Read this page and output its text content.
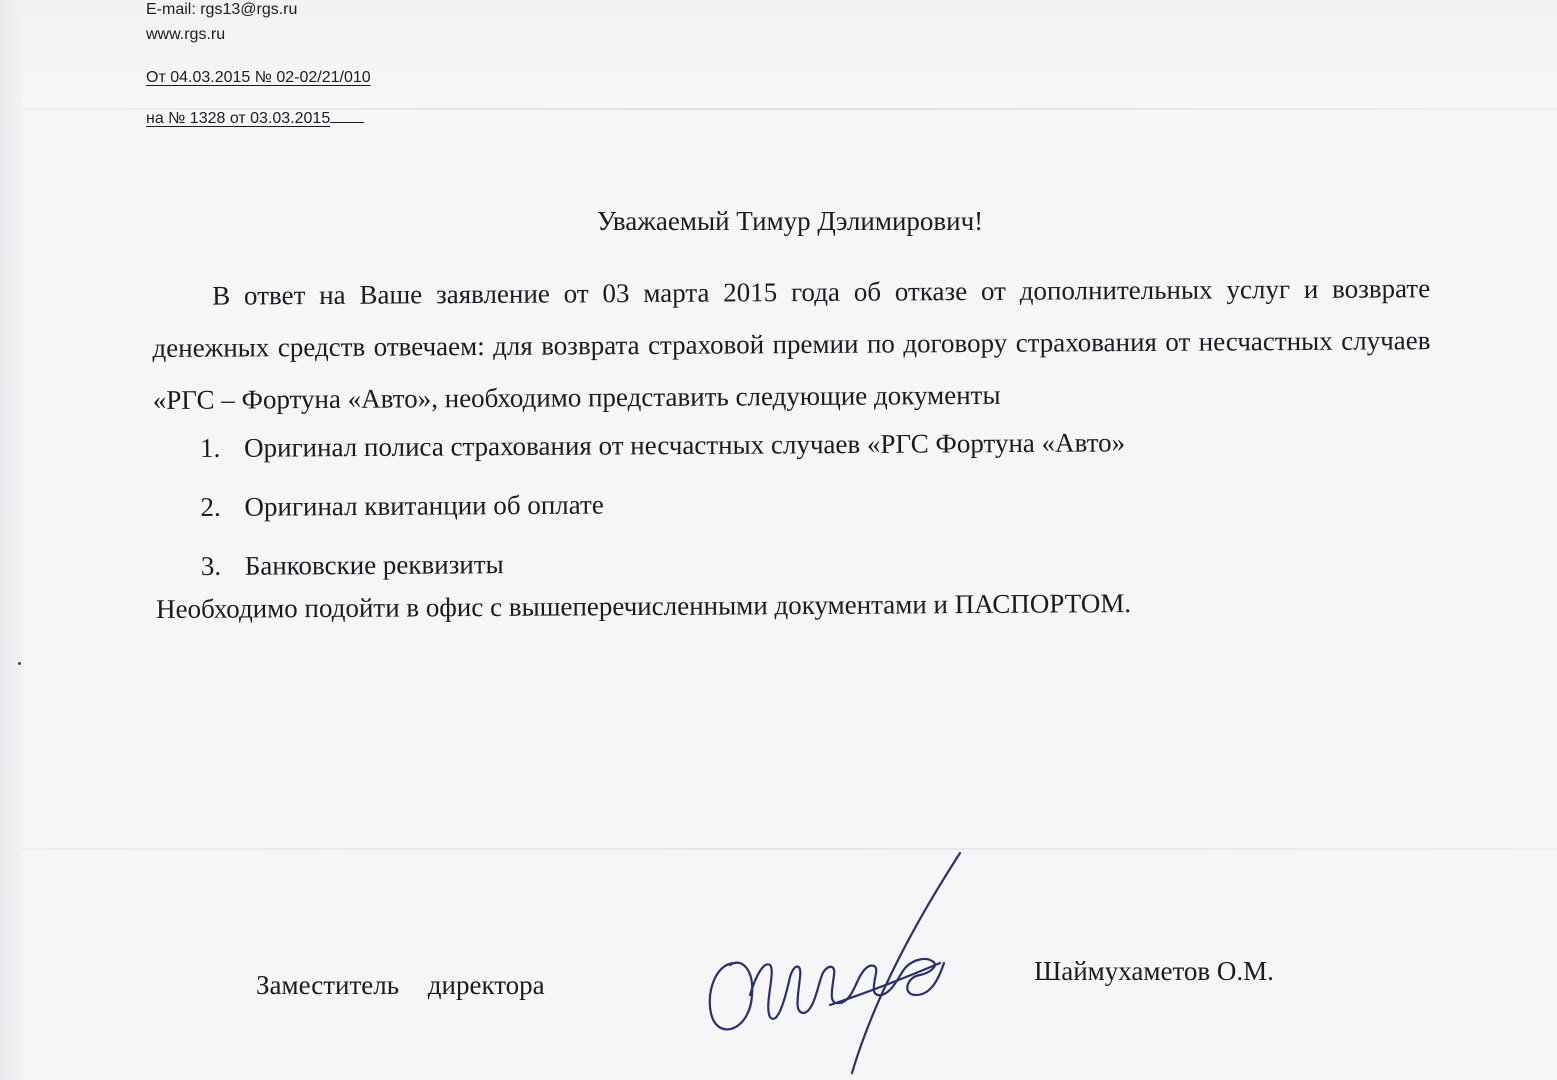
E-mail: rgs13@rgs.ru
www.rgs.ru
От 04.03.2015 № 02-02/21/010
на № 1328 от 03.03.2015
Уважаемый Тимур Дэлимирович!
В ответ на Ваше заявление от 03 марта 2015 года об отказе от дополнительных услуг и возврате денежных средств отвечаем: для возврата страховой премии по договору страхования от несчастных случаев «РГС – Фортуна «Авто», необходимо представить следующие документы
1. Оригинал полиса страхования от несчастных случаев «РГС Фортуна «Авто»
2. Оригинал квитанции об оплате
3. Банковские реквизиты
Необходимо подойти в офис с вышеперечисленными документами и ПАСПОРТОМ.
Заместитель директора	Шаймухаметов О.М.
